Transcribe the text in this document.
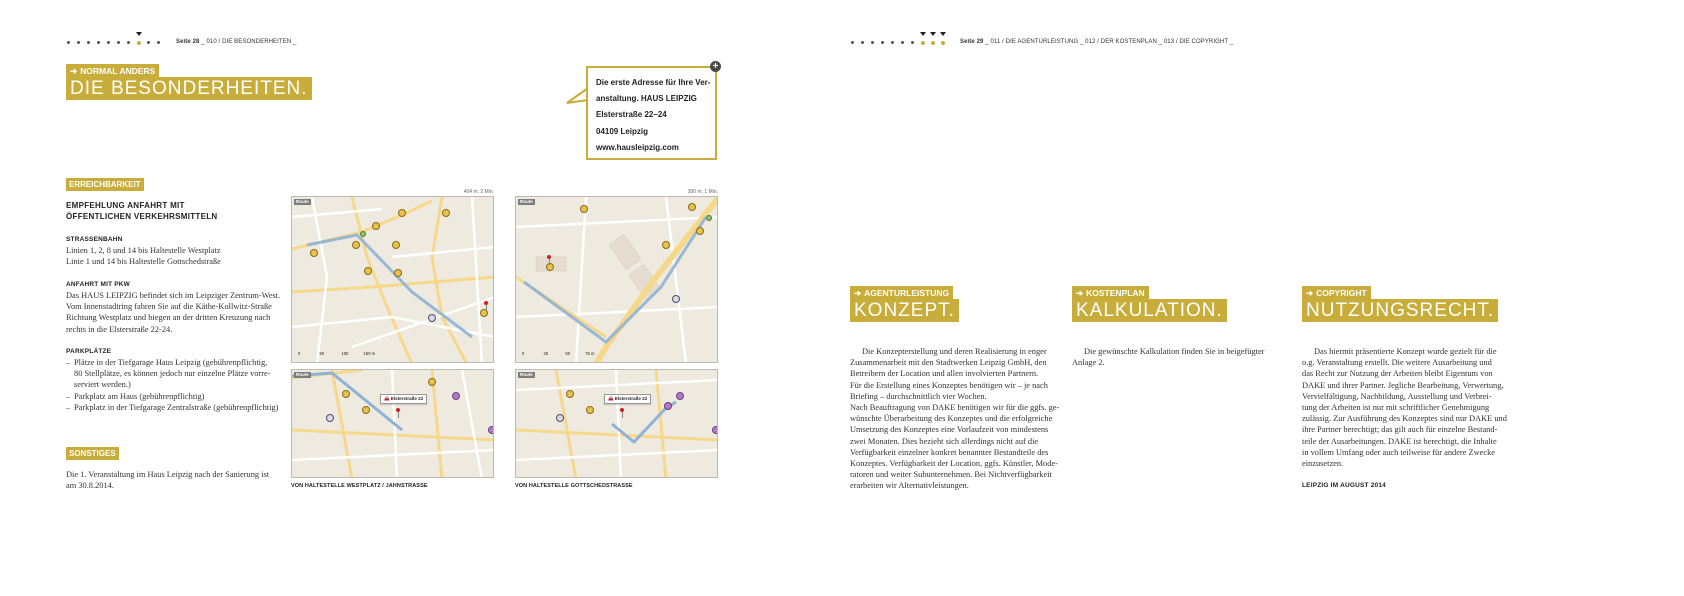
Seite 28 _ 010 / DIE BESONDERHEITEN _
➔ NORMAL ANDERS
DIE BESONDERHEITEN.	Die erste Adresse für Ihre Ver-
anstaltung. HAUS LEIPZIG
Elsterstraße 22–24
04109 Leipzig
www.hausleipzig.com
+
ERREICHBARKEIT
EMPFEHLUNG ANFAHRT MIT
ÖFFENTLICHEN VERKEHRSMITTELN
STRASSENBAHN
Linien 1, 2, 8 und 14 bis Haltestelle Westplatz
Linie 1 und 14 bis Haltestelle Gottschedstraße
ANFAHRT MIT PKW
Das HAUS LEIPZIG befindet sich im Leipziger Zentrum-West.
Vom Innenstadtring fahren Sie auf die Käthe-Kollwitz-Straße
Richtung Westplatz und biegen an der dritten Kreuzung nach
rechts in die Elsterstraße 22-24.
PARKPLÄTZE
– Plätze in der Tiefgarage Haus Leipzig (gebührenpflichtig,
80 Stellplätze, es können jedoch nur einzelne Plätze vorre-
serviert werden.)
– Parkplatz am Haus (gebührenpflichtig)
– Parkplatz in der Tiefgarage Zentralstraße (gebührenpflichtig)
SONSTIGES
Die 1. Veranstaltung im Haus Leipzig nach der Sanierung ist
am 30.8.2014.
404 m, 2 Min.
Route
0	50	100	150 m
Route
🚘 Elsterstraße 22
VON HALTESTELLE WESTPLATZ / JAHNSTRASSE
300 m, 1 Min.
Route
0	25	50	75 m
Route
🚘 Elsterstraße 22
VON HALTESTELLE GOTTSCHEDSTRASSE
Seite 29 _ 011 / DIE AGENTURLEISTUNG _ 012 / DER KOSTENPLAN _ 013 / DIE COPYRIGHT _
➔ AGENTURLEISTUNG
KONZEPT.
Die Konzepterstellung und deren Realisierung in enger
Zusammenarbeit mit den Stadtwerken Leipzig GmbH, den
Betreibern der Location und allen involvierten Partnern.
Für die Erstellung eines Konzeptes benötigen wir – je nach
Briefing – durchschnittlich vier Wochen.
Nach Beauftragung von DAKE benötigen wir für die ggfs. ge-
wünschte Überarbeitung des Konzeptes und die erfolgreiche
Umsetzung des Konzeptes eine Vorlaufzeit von mindestens
zwei Monaten. Dies bezieht sich allerdings nicht auf die
Verfügbarkeit einzelner konkret benannter Bestandteile des
Konzeptes. Verfügbarkeit der Location, ggfs. Künstler, Mode-
ratoren und weiter Subunternehmen. Bei Nichtverfügbarkeit
erarbeiten wir Alternativleistungen.
➔ KOSTENPLAN
KALKULATION.
Die gewünschte Kalkulation finden Sie in beigefügter
Anlage 2.
➔ COPYRIGHT
NUTZUNGSRECHT.
Das hiermit präsentierte Konzept wurde gezielt für die
o.g. Veranstaltung erstellt. Die weitere Ausarbeitung und
das Recht zur Nutzung der Arbeiten bleibt Eigentum von
DAKE und ihrer Partner. Jegliche Bearbeitung, Verwertung,
Vervielfältigung, Nachbildung, Ausstellung und Verbrei-
tung der Arbeiten ist nur mit schriftlicher Genehmigung
zulässig. Zur Ausführung des Konzeptes sind nur DAKE und
ihre Partner berechtigt; das gilt auch für einzelne Bestand-
teile der Ausarbeitungen. DAKE ist berechtigt, die Inhalte
in vollem Umfang oder auch teilweise für andere Zwecke
einzusetzen.
LEIPZIG IM AUGUST 2014
